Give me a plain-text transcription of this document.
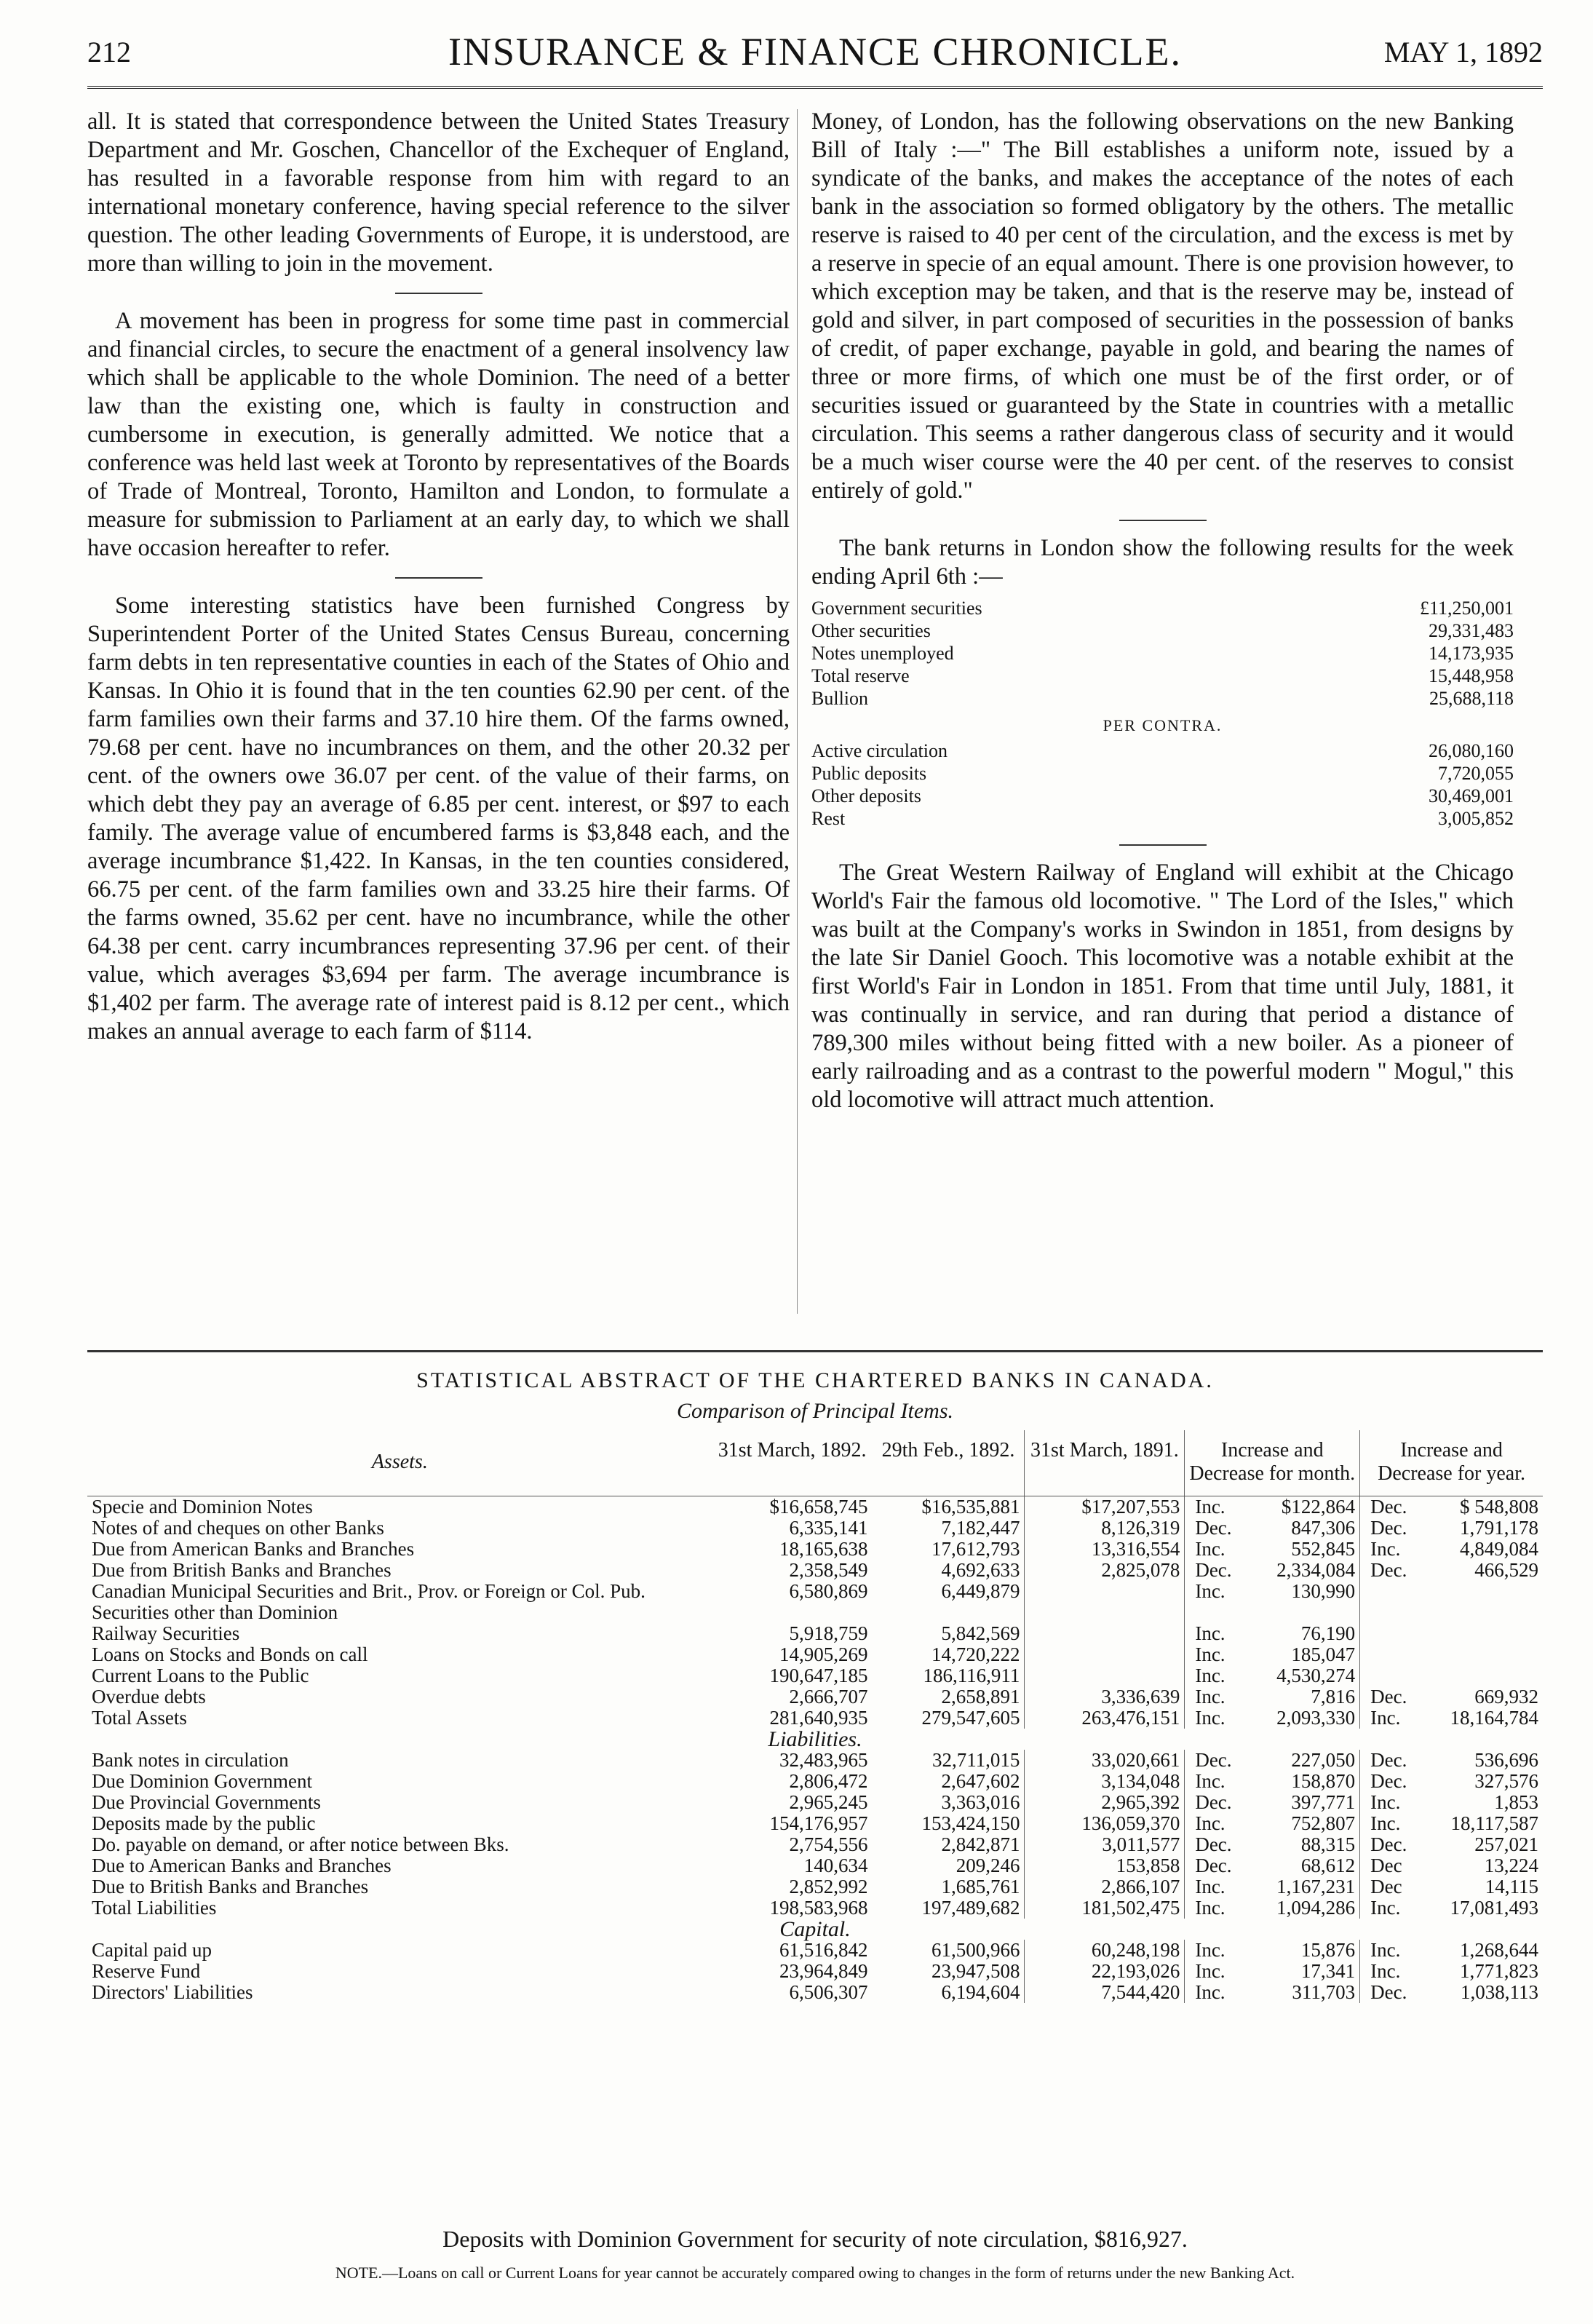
212	INSURANCE & FINANCE CHRONICLE.	MAY 1, 1892

all. It is stated that correspondence between the United States Treasury Department and Mr. Goschen, Chancellor of the Exchequer of England, has resulted in a favorable response from him with regard to an international monetary conference, having special reference to the silver question. The other leading Governments of Europe, it is understood, are more than willing to join in the movement.

A movement has been in progress for some time past in commercial and financial circles, to secure the enactment of a general insolvency law which shall be applicable to the whole Dominion. The need of a better law than the existing one, which is faulty in construction and cumbersome in execution, is generally admitted. We notice that a conference was held last week at Toronto by representatives of the Boards of Trade of Montreal, Toronto, Hamilton and London, to formulate a measure for submission to Parliament at an early day, to which we shall have occasion hereafter to refer.

Some interesting statistics have been furnished Congress by Superintendent Porter of the United States Census Bureau, concerning farm debts in ten representative counties in each of the States of Ohio and Kansas. In Ohio it is found that in the ten counties 62.90 per cent. of the farm families own their farms and 37.10 hire them. Of the farms owned, 79.68 per cent. have no incumbrances on them, and the other 20.32 per cent. of the owners owe 36.07 per cent. of the value of their farms, on which debt they pay an average of 6.85 per cent. interest, or $97 to each family. The average value of encumbered farms is $3,848 each, and the average incumbrance $1,422. In Kansas, in the ten counties considered, 66.75 per cent. of the farm families own and 33.25 hire their farms. Of the farms owned, 35.62 per cent. have no incumbrance, while the other 64.38 per cent. carry incumbrances representing 37.96 per cent. of their value, which averages $3,694 per farm. The average incumbrance is $1,402 per farm. The average rate of interest paid is 8.12 per cent., which makes an annual average to each farm of $114.

Money, of London, has the following observations on the new Banking Bill of Italy :—" The Bill establishes a uniform note, issued by a syndicate of the banks, and makes the acceptance of the notes of each bank in the association so formed obligatory by the others. The metallic reserve is raised to 40 per cent of the circulation, and the excess is met by a reserve in specie of an equal amount. There is one provision however, to which exception may be taken, and that is the reserve may be, instead of gold and silver, in part composed of securities in the possession of banks of credit, of paper exchange, payable in gold, and bearing the names of three or more firms, of which one must be of the first order, or of securities issued or guaranteed by the State in countries with a metallic circulation. This seems a rather dangerous class of security and it would be a much wiser course were the 40 per cent. of the reserves to consist entirely of gold."

The bank returns in London show the following results for the week ending April 6th :—

Government securities	£11,250,001
Other securities	29,331,483
Notes unemployed	14,173,935
Total reserve	15,448,958
Bullion	25,688,118
PER CONTRA.
Active circulation	26,080,160
Public deposits	7,720,055
Other deposits	30,469,001
Rest	3,005,852

The Great Western Railway of England will exhibit at the Chicago World's Fair the famous old locomotive. " The Lord of the Isles," which was built at the Company's works in Swindon in 1851, from designs by the late Sir Daniel Gooch. This locomotive was a notable exhibit at the first World's Fair in London in 1851. From that time until July, 1881, it was continually in service, and ran during that period a distance of 789,300 miles without being fitted with a new boiler. As a pioneer of early railroading and as a contrast to the powerful modern " Mogul," this old locomotive will attract much attention.

STATISTICAL ABSTRACT OF THE CHARTERED BANKS IN CANADA.
Comparison of Principal Items.
Assets.	31st March, 1892.	29th Feb., 1892.	31st March, 1891.	Increase and Decrease for month.		Increase and Decrease for year.	
Specie and Dominion Notes	$16,658,745	$16,535,881	$17,207,553	Inc.	$122,864	Dec.	$ 548,808
Notes of and cheques on other Banks	6,335,141	7,182,447	8,126,319	Dec.	847,306	Dec.	1,791,178
Due from American Banks and Branches	18,165,638	17,612,793	13,316,554	Inc.	552,845	Inc.	4,849,084
Due from British Banks and Branches	2,358,549	4,692,633	2,825,078	Dec.	2,334,084	Dec.	466,529
Canadian Municipal Securities and Brit., Prov. or Foreign or Col. Pub. Securities other than Dominion	6,580,869	6,449,879		Inc.	130,990		
Railway Securities	5,918,759	5,842,569		Inc.	76,190		
Loans on Stocks and Bonds on call	14,905,269	14,720,222		Inc.	185,047		
Current Loans to the Public	190,647,185	186,116,911		Inc.	4,530,274		
Overdue debts	2,666,707	2,658,891	3,336,639	Inc.	7,816	Dec.	669,932
Total Assets	281,640,935	279,547,605	263,476,151	Inc.	2,093,330	Inc.	18,164,784
Liabilities.							
Bank notes in circulation	32,483,965	32,711,015	33,020,661	Dec.	227,050	Dec.	536,696
Due Dominion Government	2,806,472	2,647,602	3,134,048	Inc.	158,870	Dec.	327,576
Due Provincial Governments	2,965,245	3,363,016	2,965,392	Dec.	397,771	Inc.	1,853
Deposits made by the public	154,176,957	153,424,150	136,059,370	Inc.	752,807	Inc.	18,117,587
Do. payable on demand, or after notice between Bks.	2,754,556	2,842,871	3,011,577	Dec.	88,315	Dec.	257,021
Due to American Banks and Branches	140,634	209,246	153,858	Dec.	68,612	Dec	13,224
Due to British Banks and Branches	2,852,992	1,685,761	2,866,107	Inc.	1,167,231	Dec	14,115
Total Liabilities	198,583,968	197,489,682	181,502,475	Inc.	1,094,286	Inc.	17,081,493
Capital.							
Capital paid up	61,516,842	61,500,966	60,248,198	Inc.	15,876	Inc.	1,268,644
Reserve Fund	23,964,849	23,947,508	22,193,026	Inc.	17,341	Inc.	1,771,823
Directors' Liabilities	6,506,307	6,194,604	7,544,420	Inc.	311,703	Dec.	1,038,113
Deposits with Dominion Government for security of note circulation, $816,927.
NOTE.—Loans on call or Current Loans for year cannot be accurately compared owing to changes in the form of returns under the new Banking Act.
